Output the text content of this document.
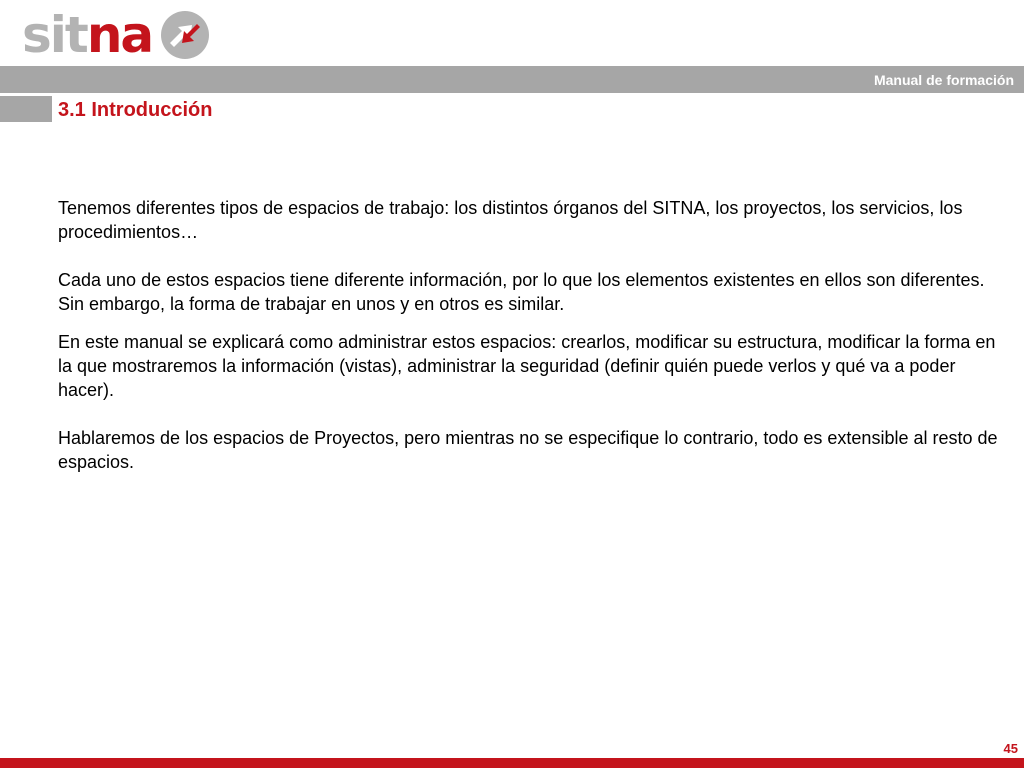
sitna
Manual de formación
3.1 Introducción

Tenemos diferentes tipos de espacios de trabajo: los distintos órganos del SITNA, los proyectos, los servicios, los procedimientos…

Cada uno de estos espacios tiene diferente información, por lo que los elementos existentes en ellos son diferentes. Sin embargo, la forma de trabajar en unos y en otros es similar.

En este manual se explicará como administrar estos espacios: crearlos, modificar su estructura, modificar la forma en la que mostraremos la información (vistas), administrar la seguridad (definir quién puede verlos y qué va a poder hacer).

Hablaremos de los espacios de Proyectos, pero mientras no se especifique lo contrario, todo es extensible al resto de espacios.

45
